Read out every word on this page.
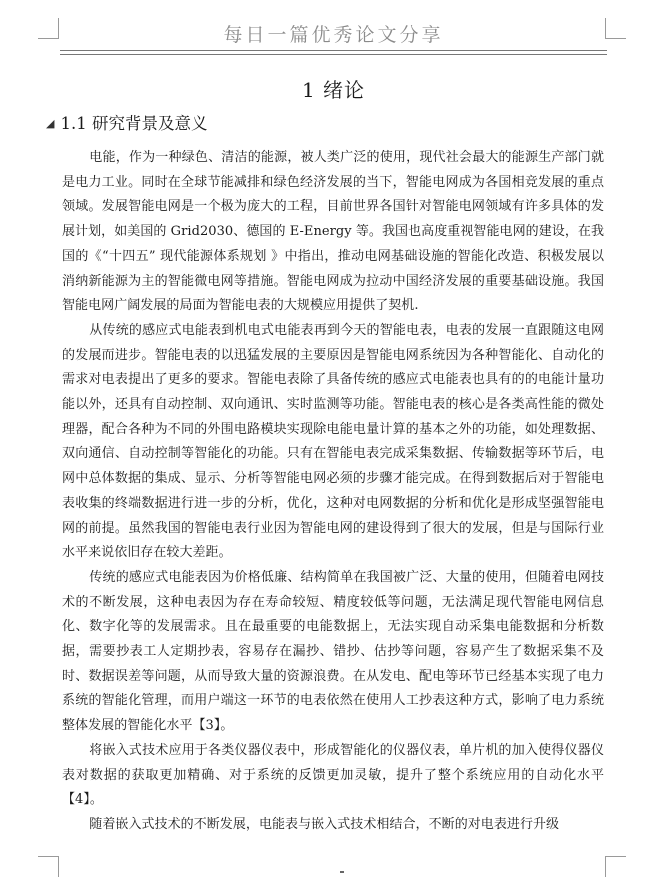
每日一篇优秀论文分享
1 绪论
◢ 1.1 研究背景及意义

电能，作为一种绿色、清洁的能源，被人类广泛的使用，现代社会最大的能源生产部门就是电力工业。同时在全球节能减排和绿色经济发展的当下，智能电网成为各国相竞发展的重点领域。发展智能电网是一个极为庞大的工程，目前世界各国针对智能电网领域有许多具体的发展计划，如美国的 Grid2030、德国的 E-Energy 等。我国也高度重视智能电网的建设，在我国的《“十四五” 现代能源体系规划 》中指出，推动电网基础设施的智能化改造、积极发展以消纳新能源为主的智能微电网等措施。智能电网成为拉动中国经济发展的重要基础设施。我国智能电网广阔发展的局面为智能电表的大规模应用提供了契机.

从传统的感应式电能表到机电式电能表再到今天的智能电表，电表的发展一直跟随这电网的发展而进步。智能电表的以迅猛发展的主要原因是智能电网系统因为各种智能化、自动化的需求对电表提出了更多的要求。智能电表除了具备传统的感应式电能表也具有的的电能计量功能以外，还具有自动控制、双向通讯、实时监测等功能。智能电表的核心是各类高性能的微处理器，配合各种为不同的外围电路模块实现除电能电量计算的基本之外的功能，如处理数据、双向通信、自动控制等智能化的功能。只有在智能电表完成采集数据、传输数据等环节后，电网中总体数据的集成、显示、分析等智能电网必须的步骤才能完成。在得到数据后对于智能电表收集的终端数据进行进一步的分析，优化，这种对电网数据的分析和优化是形成坚强智能电网的前提。虽然我国的智能电表行业因为智能电网的建设得到了很大的发展，但是与国际行业水平来说依旧存在较大差距。

传统的感应式电能表因为价格低廉、结构简单在我国被广泛、大量的使用，但随着电网技术的不断发展，这种电表因为存在寿命较短、精度较低等问题，无法满足现代智能电网信息化、数字化等的发展需求。且在最重要的电能数据上，无法实现自动采集电能数据和分析数据，需要抄表工人定期抄表，容易存在漏抄、错抄、估抄等问题，容易产生了数据采集不及时、数据误差等问题，从而导致大量的资源浪费。在从发电、配电等环节已经基本实现了电力系统的智能化管理，而用户端这一环节的电表依然在使用人工抄表这种方式，影响了电力系统整体发展的智能化水平【3】。

将嵌入式技术应用于各类仪器仪表中，形成智能化的仪器仪表，单片机的加入使得仪器仪表对数据的获取更加精确、对于系统的反馈更加灵敏，提升了整个系统应用的自动化水平【4】。

随着嵌入式技术的不断发展，电能表与嵌入式技术相结合，不断的对电表进行升级
